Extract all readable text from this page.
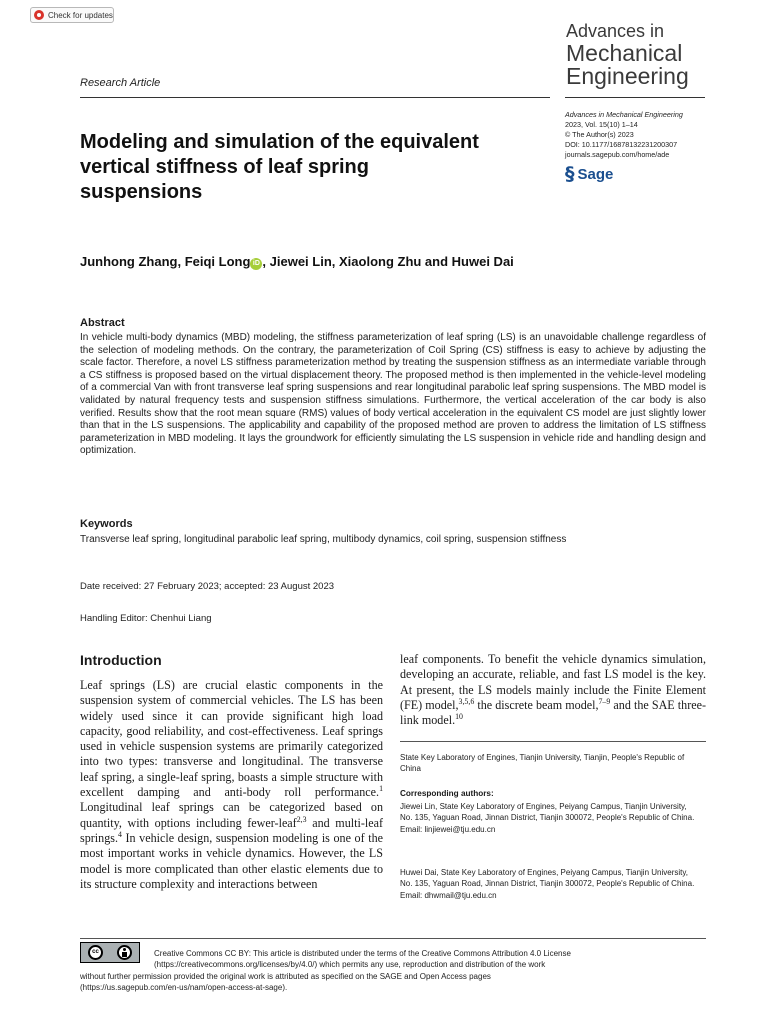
Check for updates
Advances in
Mechanical
Engineering
Research Article
Advances in Mechanical Engineering
2023, Vol. 15(10) 1–14
© The Author(s) 2023
DOI: 10.1177/16878132231200307
journals.sagepub.com/home/ade
§ Sage
Modeling and simulation of the equivalent vertical stiffness of leaf spring suspensions
Junhong Zhang, Feiqi Long iD , Jiewei Lin, Xiaolong Zhu and Huwei Dai
Abstract
In vehicle multi-body dynamics (MBD) modeling, the stiffness parameterization of leaf spring (LS) is an unavoidable challenge regardless of the selection of modeling methods. On the contrary, the parameterization of Coil Spring (CS) stiffness is easy to achieve by adjusting the scale factor. Therefore, a novel LS stiffness parameterization method by treating the suspension stiffness as an intermediate variable through a CS stiffness is proposed based on the virtual displacement theory. The proposed method is then implemented in the vehicle-level modeling of a commercial Van with front transverse leaf spring suspensions and rear longitudinal parabolic leaf spring suspensions. The MBD model is validated by natural frequency tests and suspension stiffness simulations. Furthermore, the vertical acceleration of the car body is also verified. Results show that the root mean square (RMS) values of body vertical acceleration in the equivalent CS model are just slightly lower than that in the LS suspensions. The applicability and capability of the proposed method are proven to address the limitation of LS stiffness parameterization in MBD modeling. It lays the groundwork for efficiently simulating the LS suspension in vehicle ride and handling design and optimization.
Keywords
Transverse leaf spring, longitudinal parabolic leaf spring, multibody dynamics, coil spring, suspension stiffness
Date received: 27 February 2023; accepted: 23 August 2023
Handling Editor: Chenhui Liang
Introduction
Leaf springs (LS) are crucial elastic components in the suspension system of commercial vehicles. The LS has been widely used since it can provide significant high load capacity, good reliability, and cost-effectiveness. Leaf springs used in vehicle suspension systems are primarily categorized into two types: transverse and longitudinal. The transverse leaf spring, a single-leaf spring, boasts a simple structure with excellent damping and anti-body roll performance.$^1$ Longitudinal leaf springs can be categorized based on quantity, with options including fewer-leaf$^{2,3}$ and multi-leaf springs.$^4$ In vehicle design, suspension modeling is one of the most important works in vehicle dynamics. However, the LS model is more complicated than other elastic elements due to its structure complexity and interactions between
leaf components. To benefit the vehicle dynamics simulation, developing an accurate, reliable, and fast LS model is the key. At present, the LS models mainly include the Finite Element (FE) model,$^{3,5,6}$ the discrete beam model,$^{7-9}$ and the SAE three-link model.$^{10}$
State Key Laboratory of Engines, Tianjin University, Tianjin, People's Republic of China
Corresponding authors:
Jiewei Lin, State Key Laboratory of Engines, Peiyang Campus, Tianjin University, No. 135, Yaguan Road, Jinnan District, Tianjin 300072, People's Republic of China.
Email: linjiewei@tju.edu.cn
Huwei Dai, State Key Laboratory of Engines, Peiyang Campus, Tianjin University, No. 135, Yaguan Road, Jinnan District, Tianjin 300072, People's Republic of China.
Email: dhwmail@tju.edu.cn
cc	Creative Commons CC BY: This article is distributed under the terms of the Creative Commons Attribution 4.0 License
(https://creativecommons.org/licenses/by/4.0/) which permits any use, reproduction and distribution of the work
without further permission provided the original work is attributed as specified on the SAGE and Open Access pages
(https://us.sagepub.com/en-us/nam/open-access-at-sage).
